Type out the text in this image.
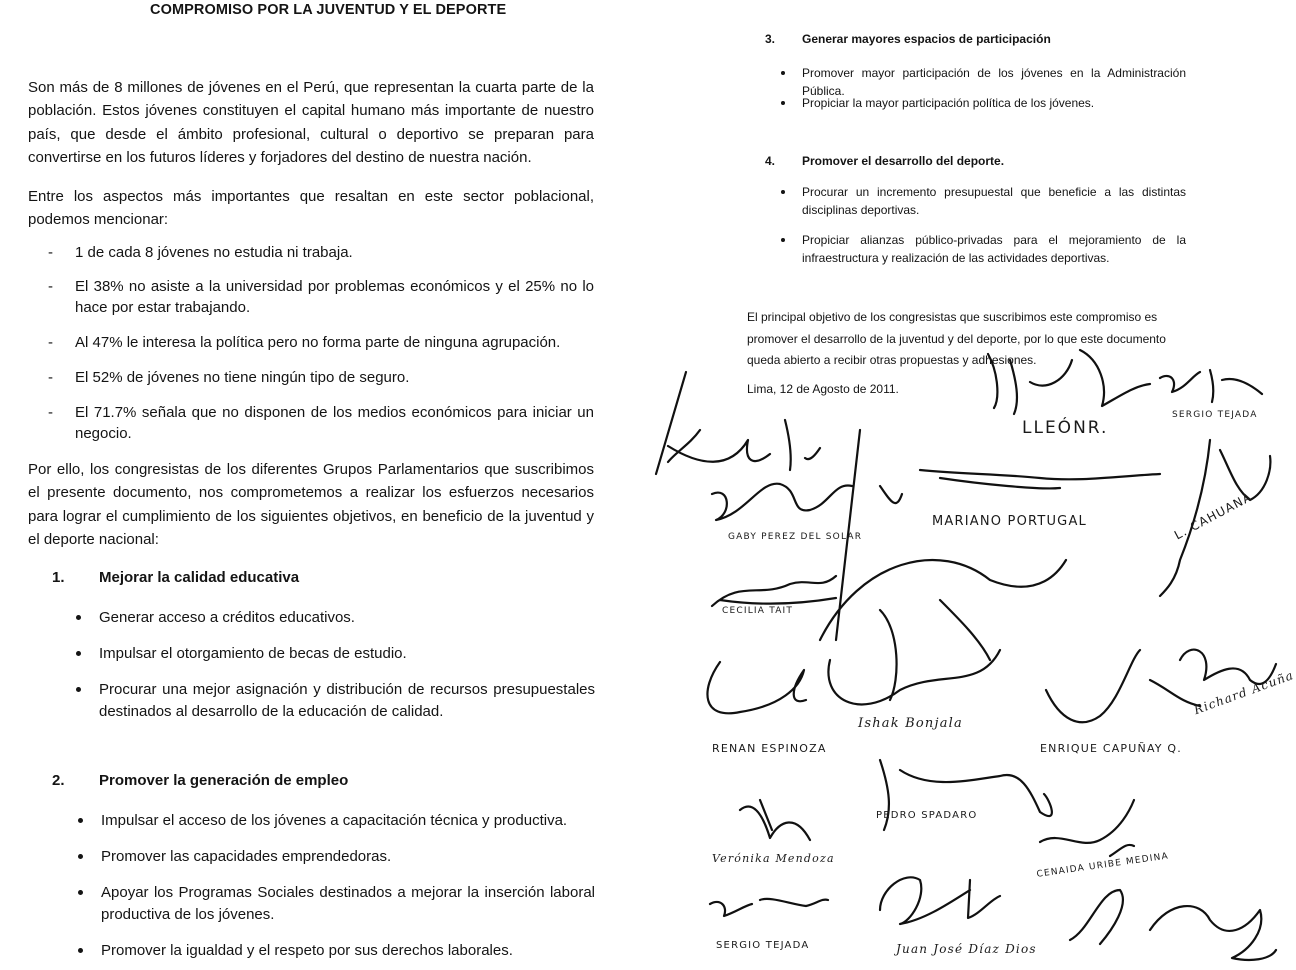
COMPROMISO POR LA JUVENTUD Y EL DEPORTE
Son más de 8 millones de jóvenes en el Perú, que representan la cuarta parte de la población. Estos jóvenes constituyen el capital humano más importante de nuestro país, que desde el ámbito profesional, cultural o deportivo se preparan para convertirse en los futuros líderes y forjadores del destino de nuestra nación.
Entre los aspectos más importantes que resaltan en este sector poblacional, podemos mencionar:
- 1 de cada 8 jóvenes no estudia ni trabaja.
- El 38% no asiste a la universidad por problemas económicos y el 25% no lo hace por estar trabajando.
- Al 47% le interesa la política pero no forma parte de ninguna agrupación.
- El 52% de jóvenes no tiene ningún tipo de seguro.
- El 71.7% señala que no disponen de los medios económicos para iniciar un negocio.
Por ello, los congresistas de los diferentes Grupos Parlamentarios que suscribimos el presente documento, nos comprometemos a realizar los esfuerzos necesarios para lograr el cumplimiento de los siguientes objetivos, en beneficio de la juventud y el deporte nacional:
1. Mejorar la calidad educativa
Generar acceso a créditos educativos.
Impulsar el otorgamiento de becas de estudio.
Procurar una mejor asignación y distribución de recursos presupuestales destinados al desarrollo de la educación de calidad.
2. Promover la generación de empleo
Impulsar el acceso de los jóvenes a capacitación técnica y productiva.
Promover las capacidades emprendedoras.
Apoyar los Programas Sociales destinados a mejorar la inserción laboral productiva de los jóvenes.
Promover la igualdad y el respeto por sus derechos laborales.
3. Generar mayores espacios de participación
Promover mayor participación de los jóvenes en la Administración Pública.
Propiciar la mayor participación política de los jóvenes.
4. Promover el desarrollo del deporte.
Procurar un incremento presupuestal que beneficie a las distintas disciplinas deportivas.
Propiciar alianzas público-privadas para el mejoramiento de la infraestructura y realización de las actividades deportivas.
El principal objetivo de los congresistas que suscribimos este compromiso es promover el desarrollo de la juventud y del deporte, por lo que este documento queda abierto a recibir otras propuestas y adhesiones.
Lima, 12 de Agosto de 2011.
LLEÓNR.
SERGIO TEJADA
GABY PEREZ DEL SOLAR
MARIANO PORTUGAL	L. CAHUANA
CECILIA TAIT
RENAN ESPINOZA
Ishak Bonjala
ENRIQUE CAPUÑAY Q.
Richard Acuña
Verónika Mendoza
PEDRO SPADARO
CENAIDA URIBE MEDINA
SERGIO TEJADA	Juan José Díaz Dios
